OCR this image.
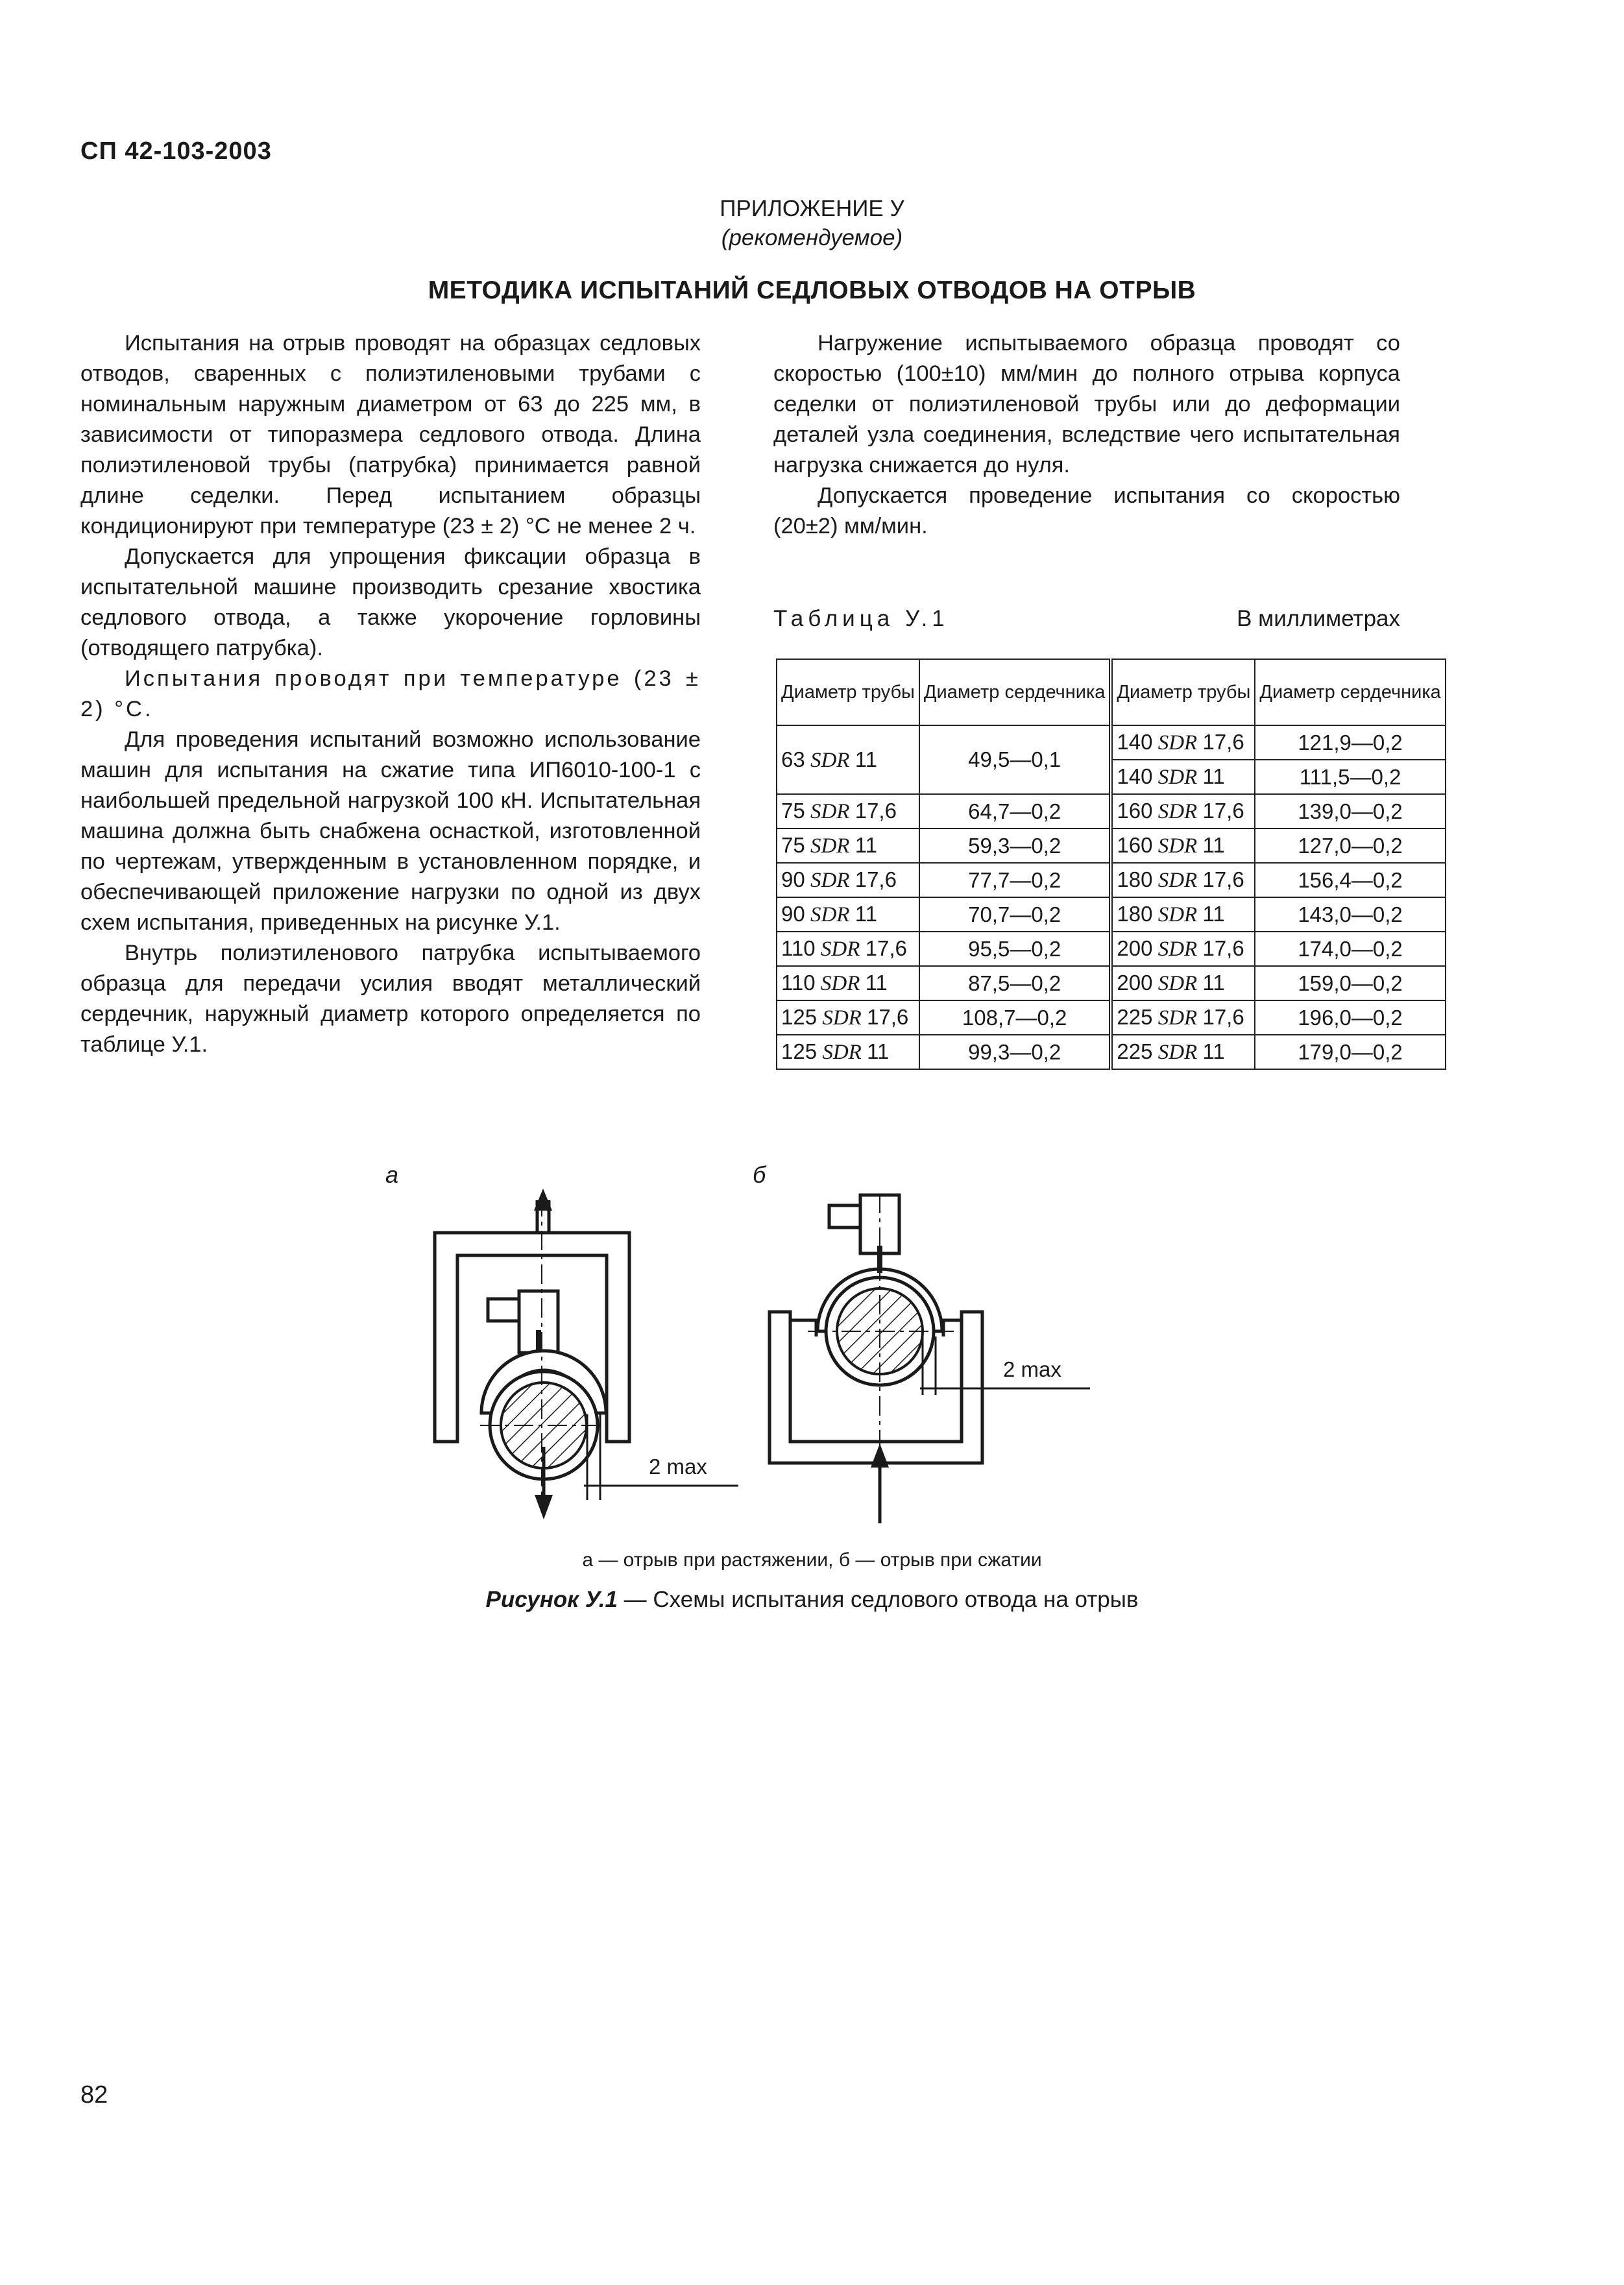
СП 42-103-2003
ПРИЛОЖЕНИЕ У
(рекомендуемое)
МЕТОДИКА ИСПЫТАНИЙ СЕДЛОВЫХ ОТВОДОВ НА ОТРЫВ

Испытания на отрыв проводят на образцах седловых отводов, сваренных с полиэтиленовыми трубами с номинальным наружным диаметром от 63 до 225 мм, в зависимости от типоразмера седлового отвода. Длина полиэтиленовой трубы (патрубка) принимается равной длине седелки. Перед испытанием образцы кондиционируют при температуре (23 ± 2) °С не менее 2 ч.

Допускается для упрощения фиксации образца в испытательной машине производить срезание хвостика седлового отвода, а также укорочение горловины (отводящего патрубка).

Испытания проводят при температуре (23 ± 2) °С.

Для проведения испытаний возможно использование машин для испытания на сжатие типа ИП6010-100-1 с наибольшей предельной нагрузкой 100 кН. Испытательная машина должна быть снабжена оснасткой, изготовленной по чертежам, утвержденным в установленном порядке, и обеспечивающей приложение нагрузки по одной из двух схем испытания, приведенных на рисунке У.1.

Внутрь полиэтиленового патрубка испытываемого образца для передачи усилия вводят металлический сердечник, наружный диаметр которого определяется по таблице У.1.

Нагружение испытываемого образца проводят со скоростью (100±10) мм/мин до полного отрыва корпуса седелки от полиэтиленовой трубы или до деформации деталей узла соединения, вследствие чего испытательная нагрузка снижается до нуля.

Допускается проведение испытания со скоростью (20±2) мм/мин.

Таблица У.1	В миллиметрах
Диаметр трубы	Диаметр сердечника	Диаметр трубы	Диаметр сердечника
63 SDR 11	49,5—0,1	140 SDR 17,6	121,9—0,2
		140 SDR 11	111,5—0,2
75 SDR 17,6	64,7—0,2	160 SDR 17,6	139,0—0,2
75 SDR 11	59,3—0,2	160 SDR 11	127,0—0,2
90 SDR 17,6	77,7—0,2	180 SDR 17,6	156,4—0,2
90 SDR 11	70,7—0,2	180 SDR 11	143,0—0,2
110 SDR 17,6	95,5—0,2	200 SDR 17,6	174,0—0,2
110 SDR 11	87,5—0,2	200 SDR 11	159,0—0,2
125 SDR 17,6	108,7—0,2	225 SDR 17,6	196,0—0,2
125 SDR 11	99,3—0,2	225 SDR 11	179,0—0,2
а	б
2 max
2 max
а — отрыв при растяжении, б — отрыв при сжатии
Рисунок У.1 — Схемы испытания седлового отвода на отрыв
82
